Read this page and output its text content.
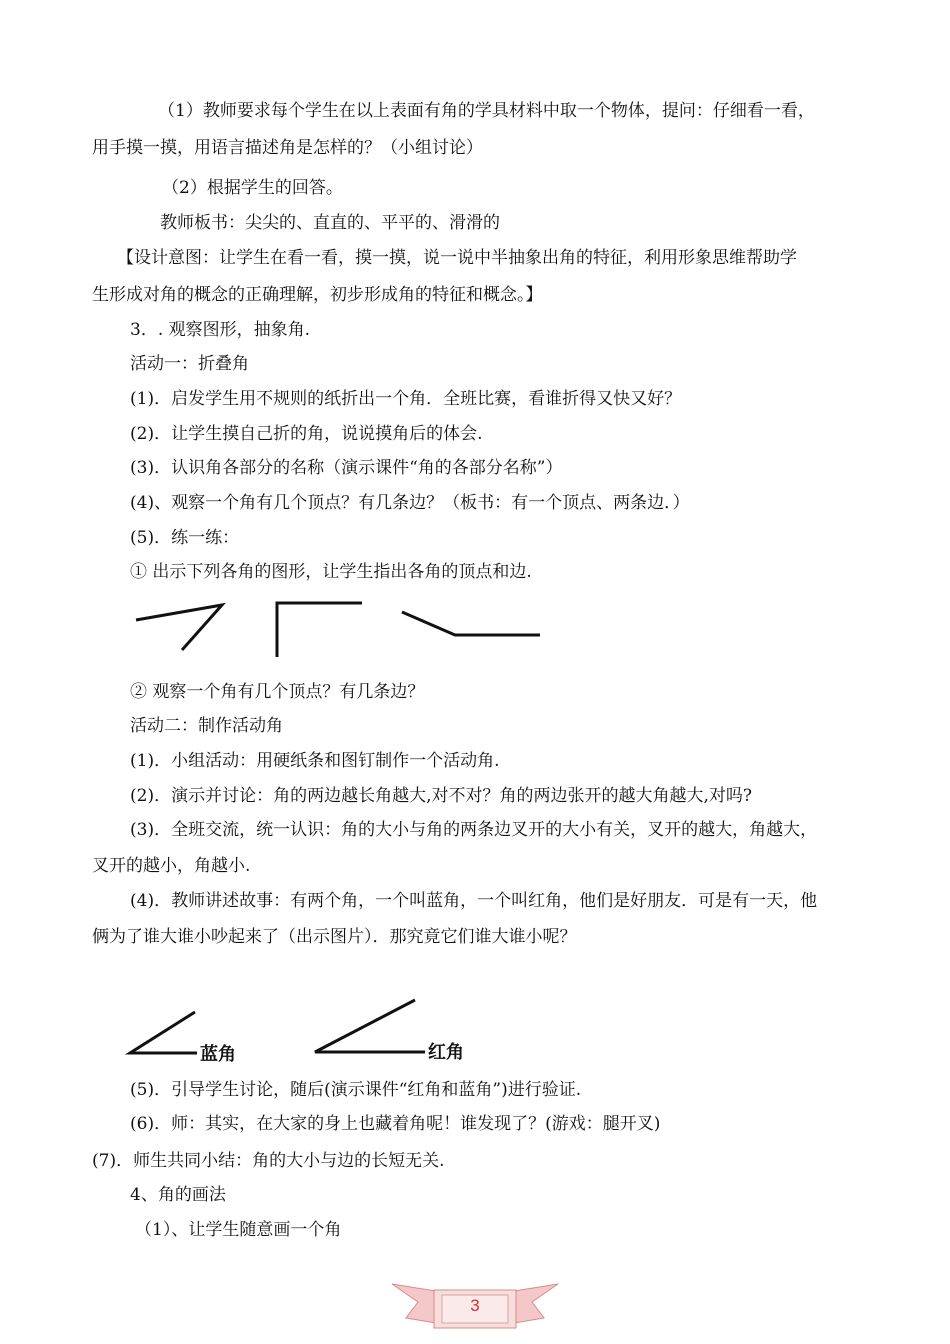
（1）教师要求每个学生在以上表面有角的学具材料中取一个物体，提问：仔细看一看，
用手摸一摸，用语言描述角是怎样的？（小组讨论）
（2）根据学生的回答。
教师板书：尖尖的、直直的、平平的、滑滑的
【设计意图：让学生在看一看，摸一摸，说一说中半抽象出角的特征，利用形象思维帮助学
生形成对角的概念的正确理解，初步形成角的特征和概念。】
3．. 观察图形，抽象角.
活动一：折叠角
(1)．启发学生用不规则的纸折出一个角．全班比赛，看谁折得又快又好？
(2)．让学生摸自己折的角，说说摸角后的体会.
(3)．认识角各部分的名称（演示课件“角的各部分名称”）
(4)、观察一个角有几个顶点？有几条边？（板书：有一个顶点、两条边．）
(5)．练一练：
① 出示下列各角的图形，让学生指出各角的顶点和边.
② 观察一个角有几个顶点？有几条边？
活动二：制作活动角
(1)．小组活动：用硬纸条和图钉制作一个活动角.
(2)．演示并讨论：角的两边越长角越大,对不对？角的两边张开的越大角越大,对吗?
(3)．全班交流，统一认识：角的大小与角的两条边叉开的大小有关，叉开的越大，角越大，
叉开的越小，角越小.
(4)．教师讲述故事：有两个角，一个叫蓝角，一个叫红角，他们是好朋友．可是有一天，他
俩为了谁大谁小吵起来了（出示图片）．那究竟它们谁大谁小呢？
蓝角	红角
(5)．引导学生讨论，随后(演示课件“红角和蓝角”)进行验证.
(6)．师：其实，在大家的身上也藏着角呢！谁发现了？(游戏：腿开叉)
(7)．师生共同小结：角的大小与边的长短无关.
4、角的画法
（1）、让学生随意画一个角
3
